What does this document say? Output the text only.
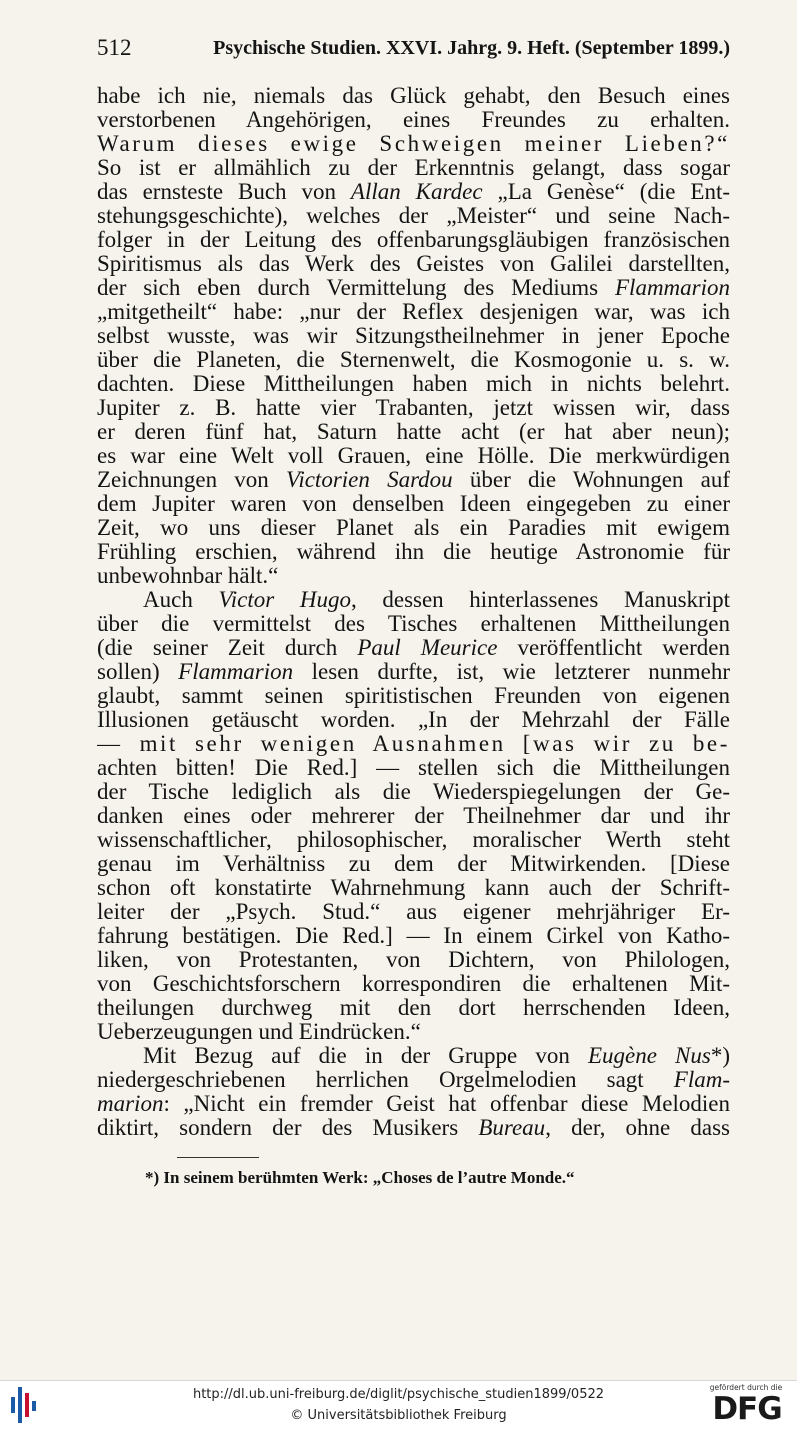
512	Psychische Studien. XXVI. Jahrg. 9. Heft. (September 1899.)
habe ich nie, niemals das Glück gehabt, den Besuch eines
verstorbenen Angehörigen, eines Freundes zu erhalten.
Warum dieses ewige Schweigen meiner Lieben?“
So ist er allmählich zu der Erkenntnis gelangt, dass sogar
das ernsteste Buch von Allan Kardec „La Genèse“ (die Ent-
stehungsgeschichte), welches der „Meister“ und seine Nach-
folger in der Leitung des offenbarungsgläubigen französischen
Spiritismus als das Werk des Geistes von Galilei darstellten,
der sich eben durch Vermittelung des Mediums Flammarion
„mitgetheilt“ habe: „nur der Reflex desjenigen war, was ich
selbst wusste, was wir Sitzungstheilnehmer in jener Epoche
über die Planeten, die Sternenwelt, die Kosmogonie u. s. w.
dachten. Diese Mittheilungen haben mich in nichts belehrt.
Jupiter z. B. hatte vier Trabanten, jetzt wissen wir, dass
er deren fünf hat, Saturn hatte acht (er hat aber neun);
es war eine Welt voll Grauen, eine Hölle. Die merkwürdigen
Zeichnungen von Victorien Sardou über die Wohnungen auf
dem Jupiter waren von denselben Ideen eingegeben zu einer
Zeit, wo uns dieser Planet als ein Paradies mit ewigem
Frühling erschien, während ihn die heutige Astronomie für
unbewohnbar hält.“
Auch Victor Hugo, dessen hinterlassenes Manuskript
über die vermittelst des Tisches erhaltenen Mittheilungen
(die seiner Zeit durch Paul Meurice veröffentlicht werden
sollen) Flammarion lesen durfte, ist, wie letzterer nunmehr
glaubt, sammt seinen spiritistischen Freunden von eigenen
Illusionen getäuscht worden. „In der Mehrzahl der Fälle
— mit sehr wenigen Ausnahmen [was wir zu be-
achten bitten! Die Red.] — stellen sich die Mittheilungen
der Tische lediglich als die Wiederspiegelungen der Ge-
danken eines oder mehrerer der Theilnehmer dar und ihr
wissenschaftlicher, philosophischer, moralischer Werth steht
genau im Verhältniss zu dem der Mitwirkenden. [Diese
schon oft konstatirte Wahrnehmung kann auch der Schrift-
leiter der „Psych. Stud.“ aus eigener mehrjähriger Er-
fahrung bestätigen. Die Red.] — In einem Cirkel von Katho-
liken, von Protestanten, von Dichtern, von Philologen,
von Geschichtsforschern korrespondiren die erhaltenen Mit-
theilungen durchweg mit den dort herrschenden Ideen,
Ueberzeugungen und Eindrücken.“
Mit Bezug auf die in der Gruppe von Eugène Nus*)
niedergeschriebenen herrlichen Orgelmelodien sagt Flam-
marion: „Nicht ein fremder Geist hat offenbar diese Melodien
diktirt, sondern der des Musikers Bureau, der, ohne dass
*) In seinem berühmten Werk: „Choses de l’autre Monde.“
http://dl.ub.uni-freiburg.de/diglit/psychische_studien1899/0522
© Universitätsbibliothek Freiburg
gefördert durch die
DFG
